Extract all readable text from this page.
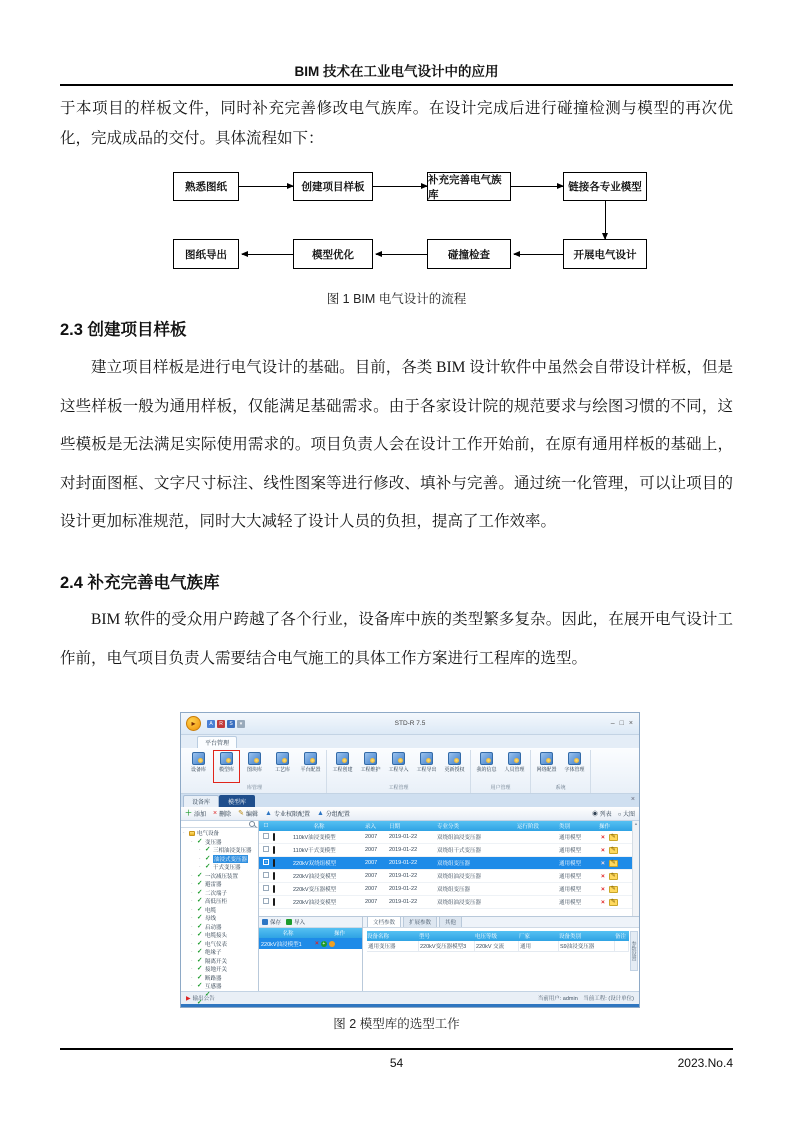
BIM 技术在工业电气设计中的应用
于本项目的样板文件，同时补充完善修改电气族库。在设计完成后进行碰撞检测与模型的再次优化，完成成品的交付。具体流程如下：
熟悉图纸	创建项目样板
补充完善电气族库
链接各专业模型
图纸导出	模型优化	碰撞检查	开展电气设计
图 1 BIM 电气设计的流程
2.3 创建项目样板
建立项目样板是进行电气设计的基础。目前，各类 BIM 设计软件中虽然会自带设计样板，但是这些样板一般为通用样板，仅能满足基础需求。由于各家设计院的规范要求与绘图习惯的不同，这些模板是无法满足实际使用需求的。项目负责人会在设计工作开始前，在原有通用样板的基础上，对封面图框、文字尺寸标注、线性图案等进行修改、填补与完善。通过统一化管理，可以让项目的设计更加标准规范，同时大大减轻了设计人员的负担，提高了工作效率。
2.4 补充完善电气族库
BIM 软件的受众用户跨越了各个行业，设备库中族的类型繁多复杂。因此，在展开电气设计工作前，电气项目负责人需要结合电气施工的具体工作方案进行工程库的选型。
▸	A	R	S	▾	STD-R 7.5	– □ ×
平台管理
设备库	模型库	图块库	工艺库 平台配置
库管理
工程创建 工程维护 工程导入 工程导出 更新授权
工程管理
我的信息 人员管理
用户管理
网络配置 字体管理
系统
设备库	模型库	×
＋ 添加 × 删除 ✎ 编辑 ▲ 专业权限配置 ▲ 分组配置	◉ 列表	○ 大图
·	电气设备
· ✓	变压器
· ✓	三相油浸变压器
· ✓	油浸式变压器
· ✓	干式变压器
· ✓	一次减压装置
· ✓	避雷器
· ✓	二次端子
· ✓	高低压柜
· ✓	电缆
· ✓	母线
· ✓	启动器
· ✓	电缆接头
· ✓	电气仪表
· ✓	绝缘子
· ✓	隔离开关
· ✓	接地开关
· ✓	断路器
· ✓	互感器
✓
✓
☐	名称	录入	日期	专业分类	运行阶段	类别	操作
110kV油浸变模型	2007	2019-01-22	双绕组油浸变压器	通用模型	×	✎
110kV干式变模型	2007	2019-01-22	双绕组干式变压器	通用模型	×	✎
220kV双绕组模型	2007	2019-01-22	双绕组变压器	通用模型	×	✎
220kV油浸变模型	2007	2019-01-22	双绕组油浸变压器	通用模型	×	✎
220kV变压器模型	2007	2019-01-22	双绕组变压器	通用模型	×	✎
220kV油浸变模型	2007	2019-01-22	双绕组油浸变压器	通用模型	×	✎
▲
保存 导入
名称	操作
220kV油浸模型1	× +
文档参数	扩展参数	其他
设备名称	型号	电压等级	厂家	设备类别	备注
通用变压器	220kV变压器模型3	220kV 交流	通用	S9油浸变压器	参数设置
▶ 输出公告	当前用户: admin　当前工程: (设计单位)
图 2 模型库的选型工作
54	2023.No.4
